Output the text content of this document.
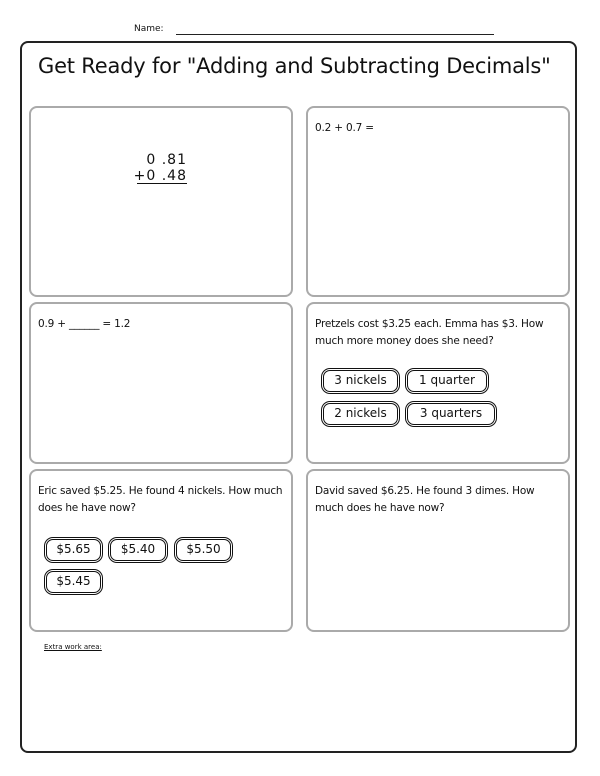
Name:
Get Ready for "Adding and Subtracting Decimals"
0 .81
+0 .48
0.2 + 0.7 =
0.9 + ______ = 1.2	Pretzels cost $3.25 each. Emma has $3. How much more money does she need?
3 nickels	1 quarter
2 nickels	3 quarters
Eric saved $5.25. He found 4 nickels. How much does he have now?
$5.65	$5.40	$5.50
$5.45
David saved $6.25. He found 3 dimes. How much does he have now?
Extra work area:
